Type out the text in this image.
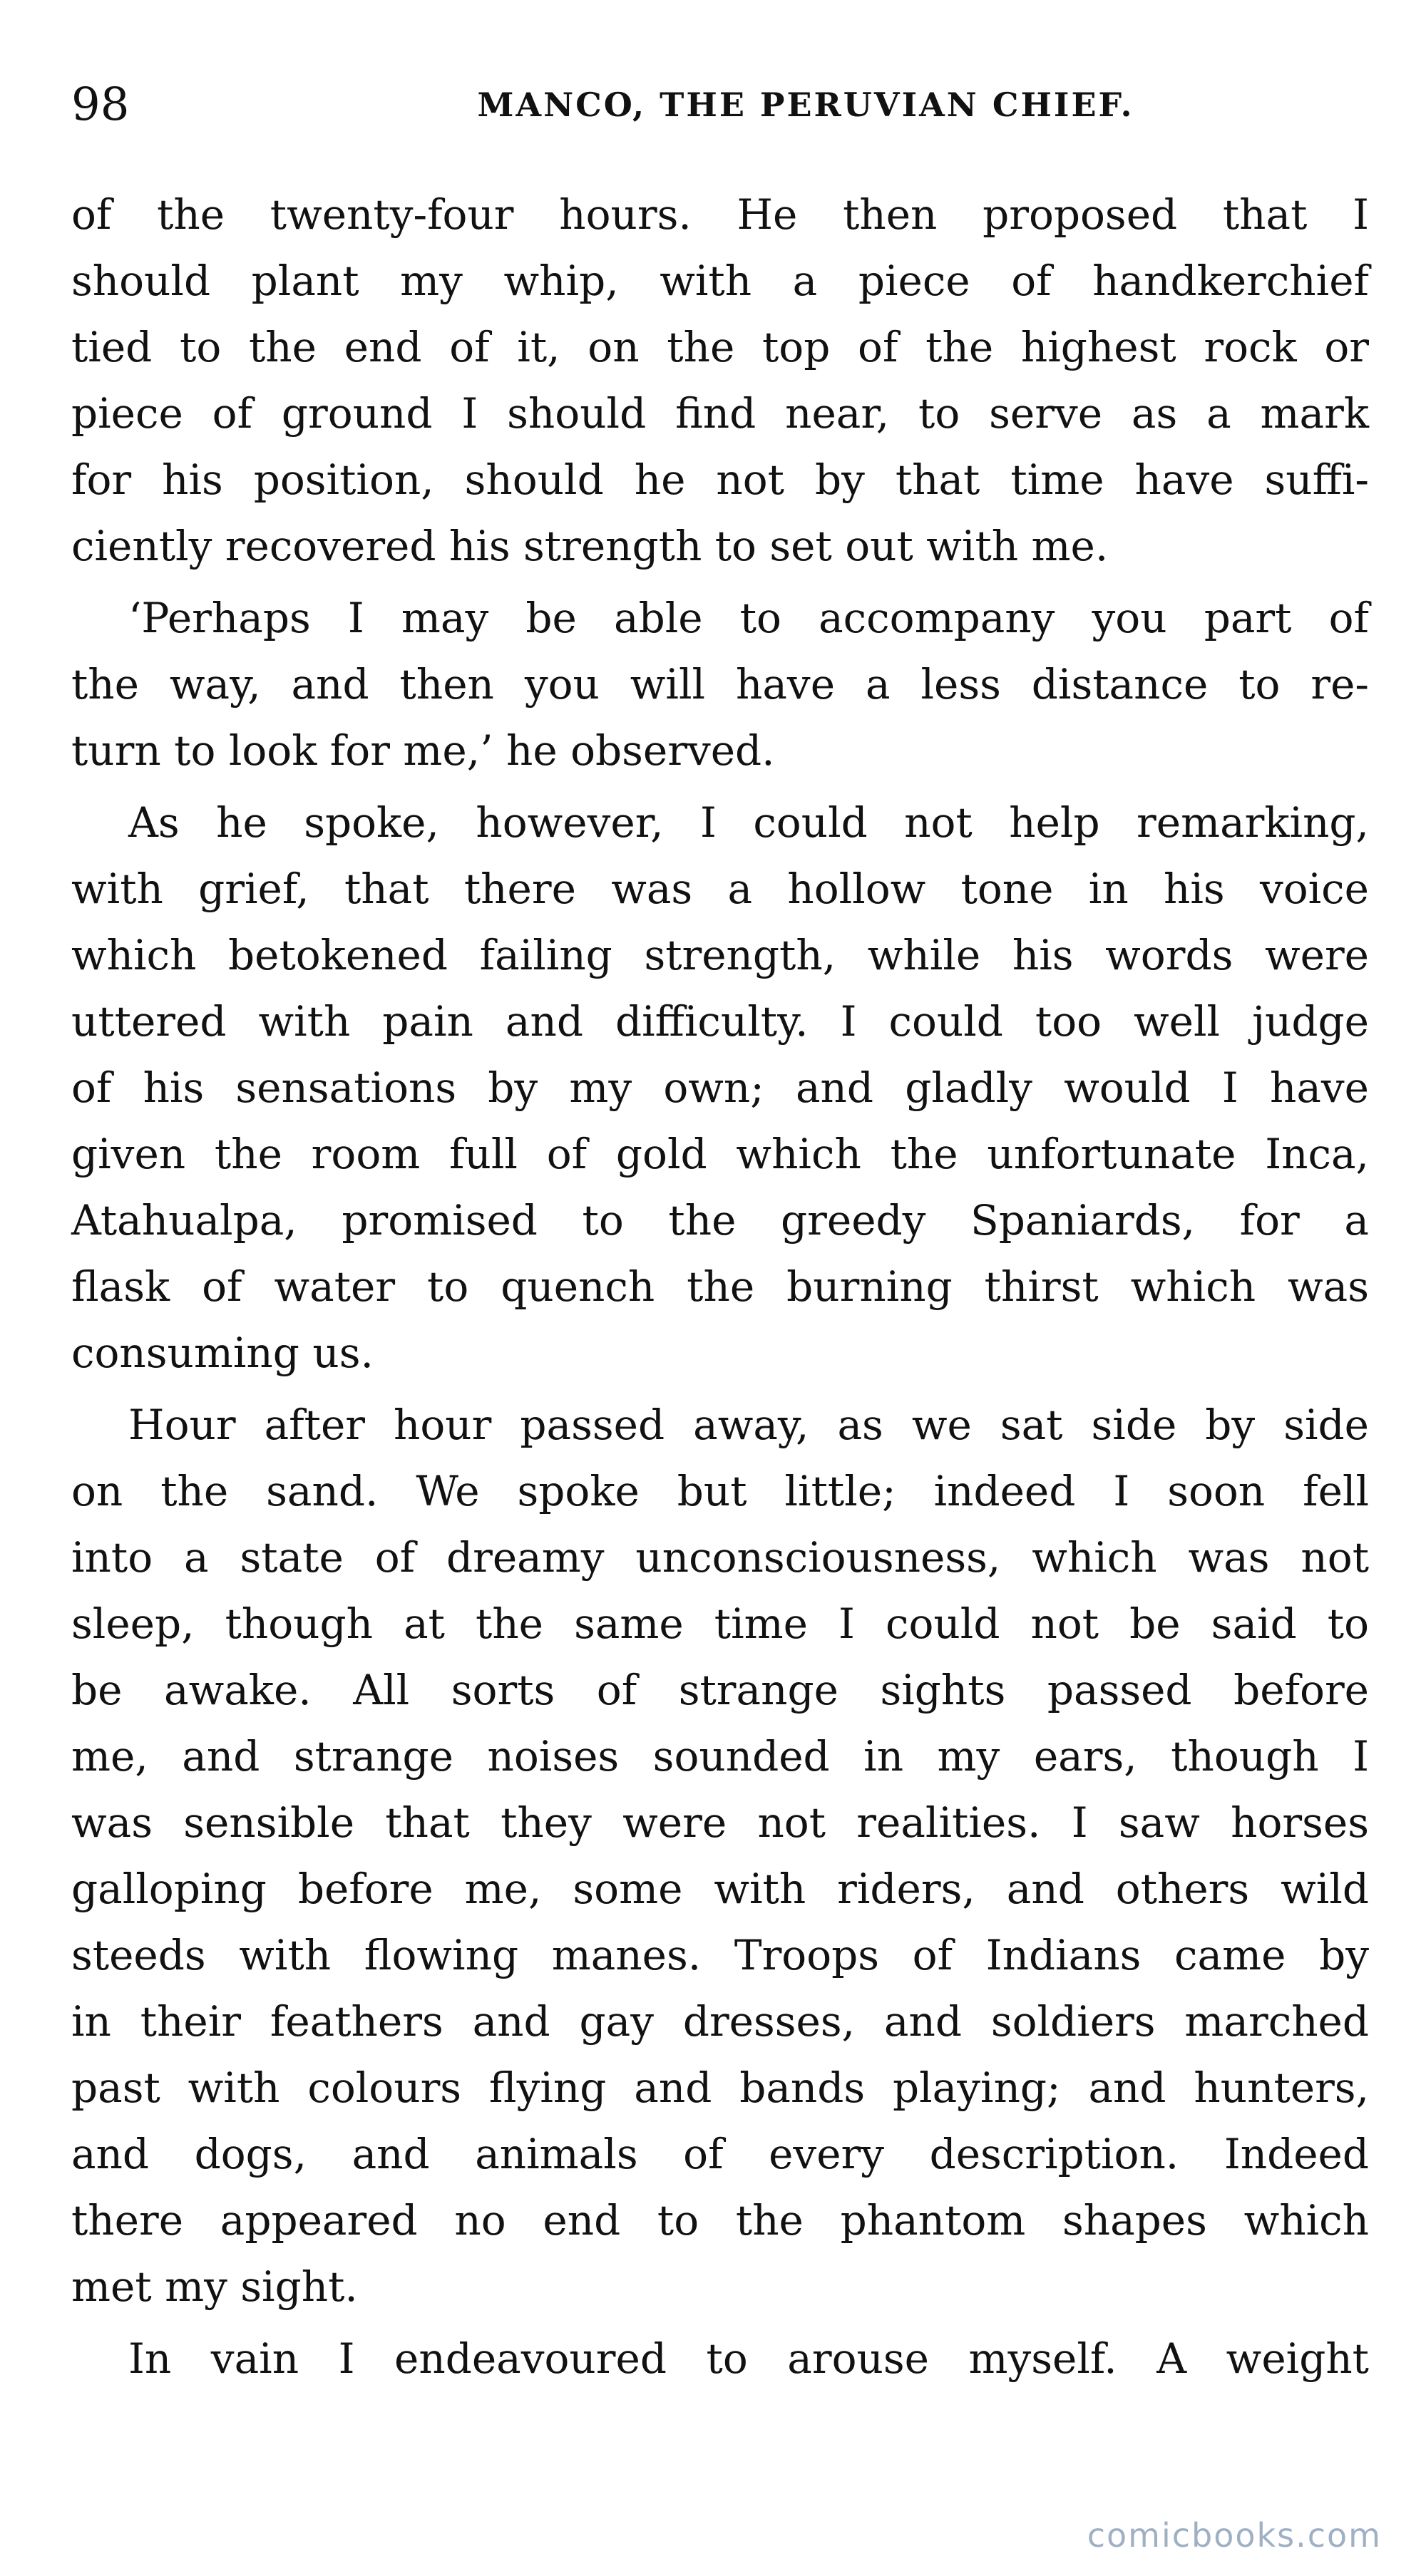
98	MANCO, THE PERUVIAN CHIEF.
of the twenty-four hours. He then proposed that I
should plant my whip, with a piece of handkerchief
tied to the end of it, on the top of the highest rock or
piece of ground I should find near, to serve as a mark
for his position, should he not by that time have suffi-
ciently recovered his strength to set out with me.
‘Perhaps I may be able to accompany you part of
the way, and then you will have a less distance to re-
turn to look for me,’ he observed.
As he spoke, however, I could not help remarking,
with grief, that there was a hollow tone in his voice
which betokened failing strength, while his words were
uttered with pain and difficulty. I could too well judge
of his sensations by my own; and gladly would I have
given the room full of gold which the unfortunate Inca,
Atahualpa, promised to the greedy Spaniards, for a
flask of water to quench the burning thirst which was
consuming us.
Hour after hour passed away, as we sat side by side
on the sand. We spoke but little; indeed I soon fell
into a state of dreamy unconsciousness, which was not
sleep, though at the same time I could not be said to
be awake. All sorts of strange sights passed before
me, and strange noises sounded in my ears, though I
was sensible that they were not realities. I saw horses
galloping before me, some with riders, and others wild
steeds with flowing manes. Troops of Indians came by
in their feathers and gay dresses, and soldiers marched
past with colours flying and bands playing; and hunters,
and dogs, and animals of every description. Indeed
there appeared no end to the phantom shapes which
met my sight.
In vain I endeavoured to arouse myself. A weight
comicbooks.com
